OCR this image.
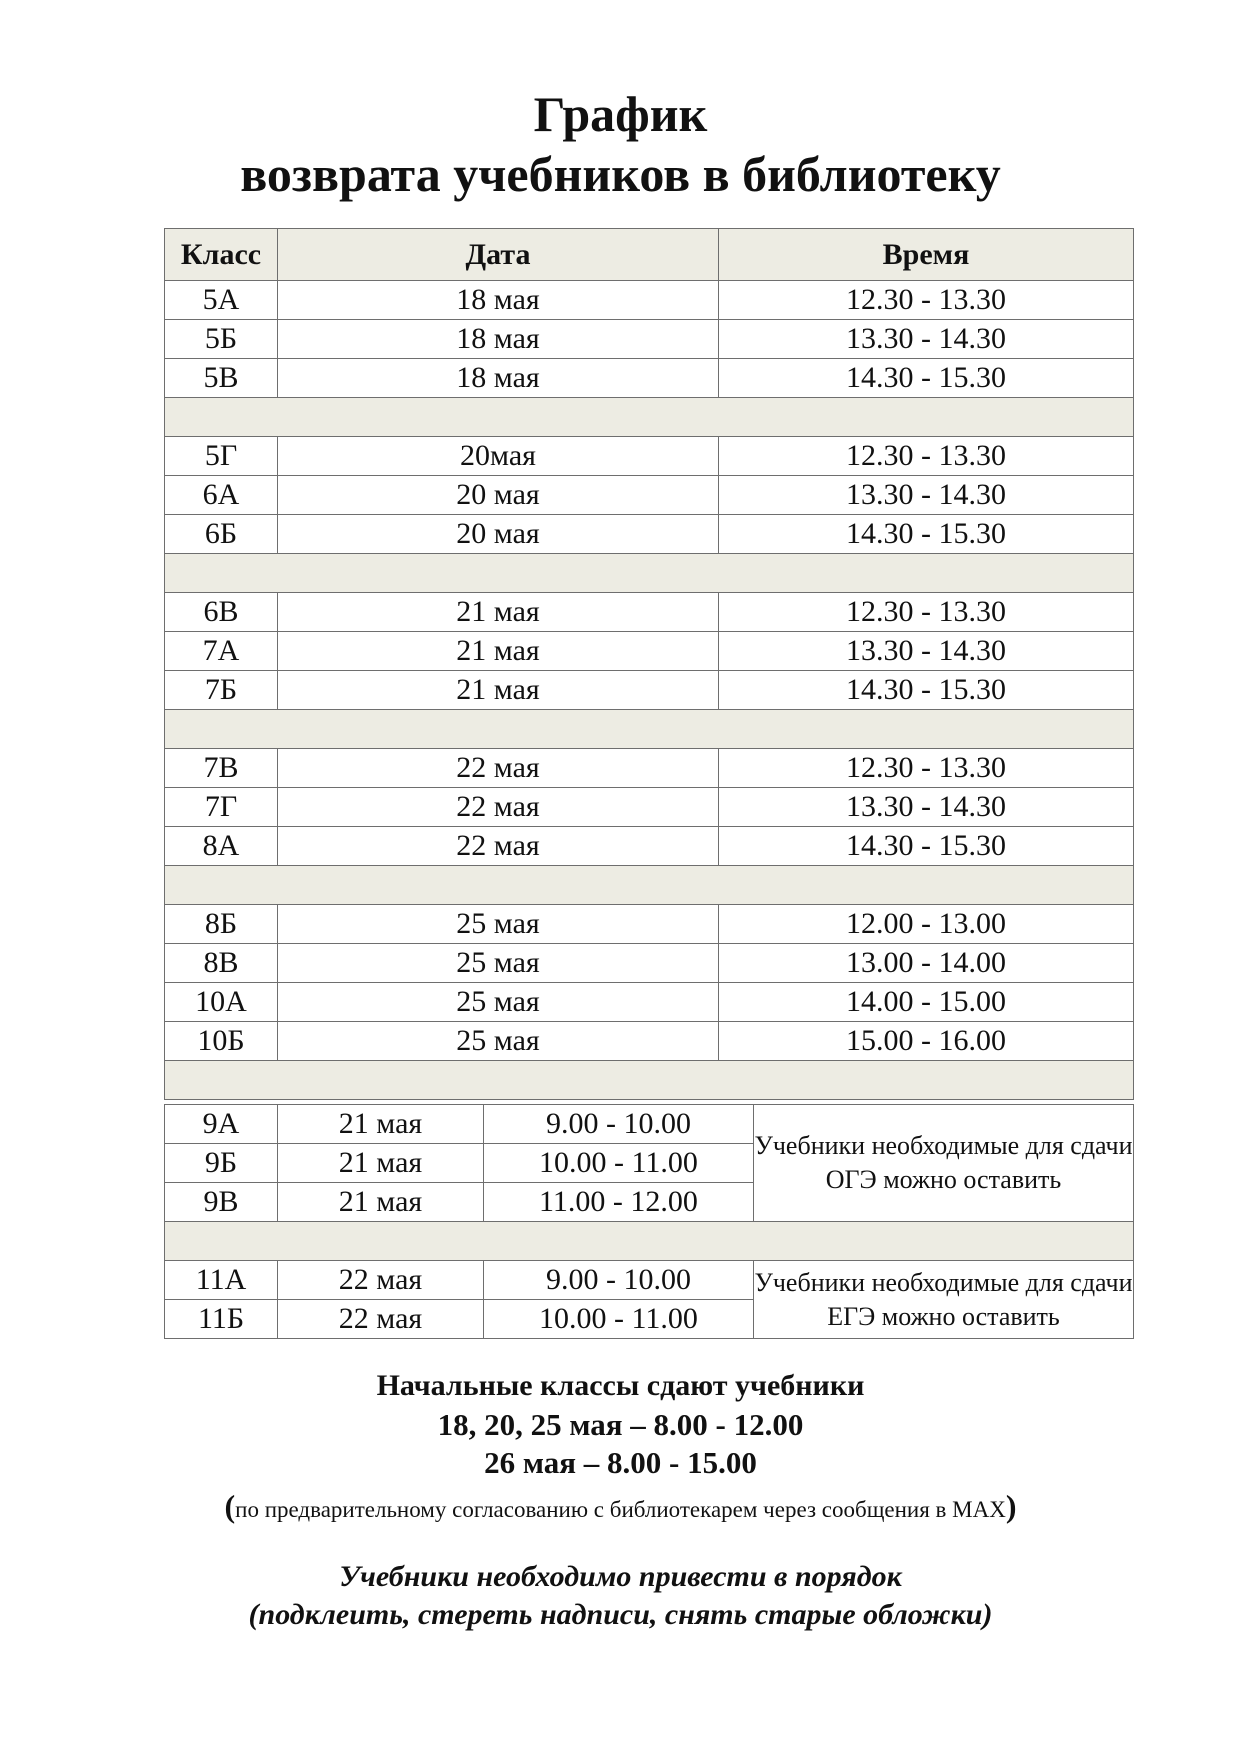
График
возврата учебников в библиотеку
Класс	Дата	Время
5А	18 мая	12.30 - 13.30
5Б	18 мая	13.30 - 14.30
5В	18 мая	14.30 - 15.30

5Г	20мая	12.30 - 13.30
6А	20 мая	13.30 - 14.30
6Б	20 мая	14.30 - 15.30

6В	21 мая	12.30 - 13.30
7А	21 мая	13.30 - 14.30
7Б	21 мая	14.30 - 15.30

7В	22 мая	12.30 - 13.30
7Г	22 мая	13.30 - 14.30
8А	22 мая	14.30 - 15.30

8Б	25 мая	12.00 - 13.00
8В	25 мая	13.00 - 14.00
10А	25 мая	14.00 - 15.00
10Б	25 мая	15.00 - 16.00

9А	21 мая	9.00 - 10.00	Учебники необходимые для сдачи ОГЭ можно оставить
9Б	21 мая	10.00 - 11.00	
9В	21 мая	11.00 - 12.00	

11А	22 мая	9.00 - 10.00	Учебники необходимые для сдачи ЕГЭ можно оставить
11Б	22 мая	10.00 - 11.00	
Начальные классы сдают учебники
18, 20, 25 мая – 8.00 - 12.00
26 мая – 8.00 - 15.00
(по предварительному согласованию с библиотекарем через сообщения в МАХ)
Учебники необходимо привести в порядок
(подклеить, стереть надписи, снять старые обложки)
